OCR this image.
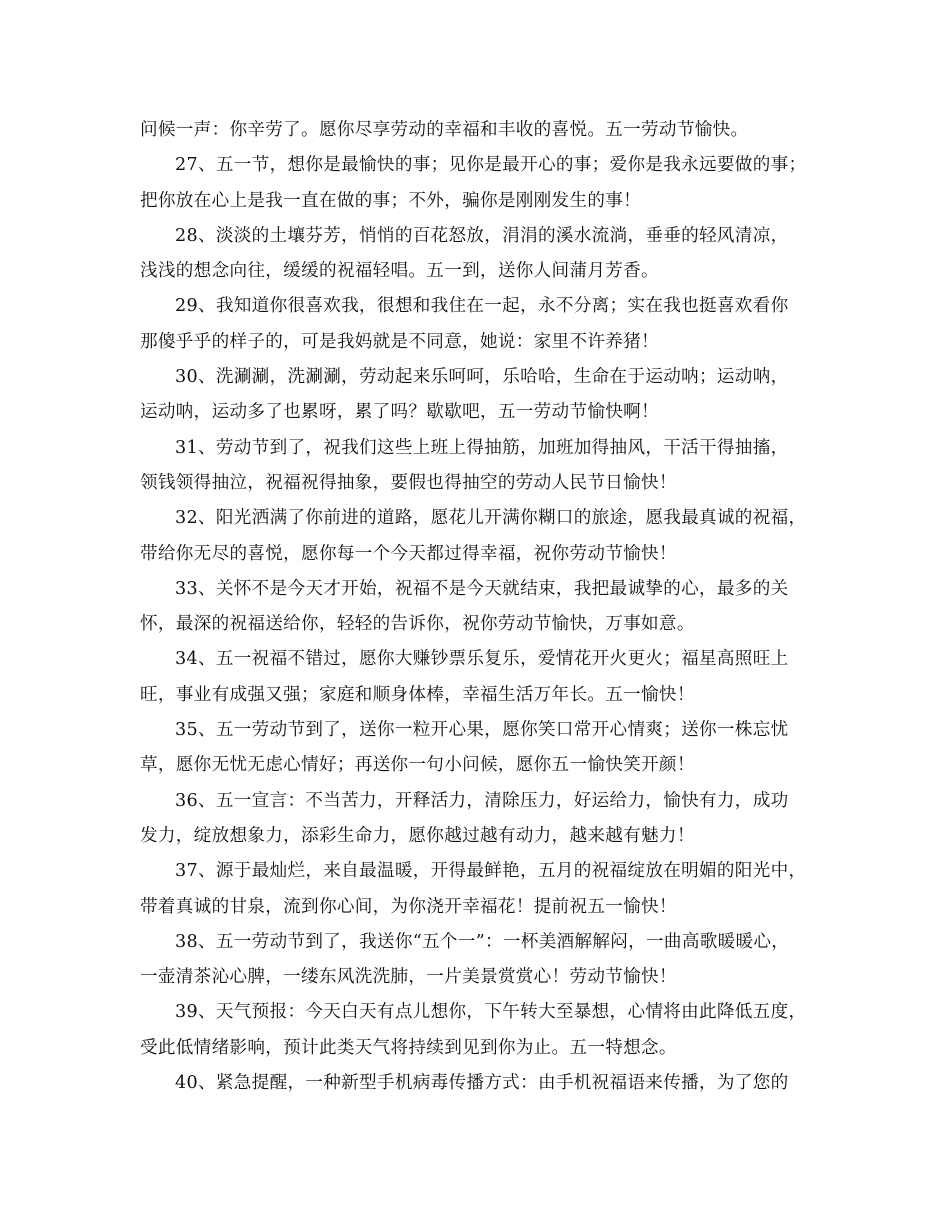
问候一声：你辛劳了。愿你尽享劳动的幸福和丰收的喜悦。五一劳动节愉快。
27、五一节，想你是最愉快的事；见你是最开心的事；爱你是我永远要做的事；
把你放在心上是我一直在做的事；不外，骗你是刚刚发生的事！
28、淡淡的土壤芬芳，悄悄的百花怒放，涓涓的溪水流淌，垂垂的轻风清凉，
浅浅的想念向往，缓缓的祝福轻唱。五一到，送你人间蒲月芳香。
29、我知道你很喜欢我，很想和我住在一起，永不分离；实在我也挺喜欢看你
那傻乎乎的样子的，可是我妈就是不同意，她说：家里不许养猪！
30、洗涮涮，洗涮涮，劳动起来乐呵呵，乐哈哈，生命在于运动呐；运动呐，
运动呐，运动多了也累呀，累了吗？歇歇吧，五一劳动节愉快啊！
31、劳动节到了，祝我们这些上班上得抽筋，加班加得抽风，干活干得抽搐，
领钱领得抽泣，祝福祝得抽象，要假也得抽空的劳动人民节日愉快！
32、阳光洒满了你前进的道路，愿花儿开满你糊口的旅途，愿我最真诚的祝福，
带给你无尽的喜悦，愿你每一个今天都过得幸福，祝你劳动节愉快！
33、关怀不是今天才开始，祝福不是今天就结束，我把最诚挚的心，最多的关
怀，最深的祝福送给你，轻轻的告诉你，祝你劳动节愉快，万事如意。
34、五一祝福不错过，愿你大赚钞票乐复乐，爱情花开火更火；福星高照旺上
旺，事业有成强又强；家庭和顺身体棒，幸福生活万年长。五一愉快！
35、五一劳动节到了，送你一粒开心果，愿你笑口常开心情爽；送你一株忘忧
草，愿你无忧无虑心情好；再送你一句小问候，愿你五一愉快笑开颜！
36、五一宣言：不当苦力，开释活力，清除压力，好运给力，愉快有力，成功
发力，绽放想象力，添彩生命力，愿你越过越有动力，越来越有魅力！
37、源于最灿烂，来自最温暖，开得最鲜艳，五月的祝福绽放在明媚的阳光中，
带着真诚的甘泉，流到你心间，为你浇开幸福花！提前祝五一愉快！
38、五一劳动节到了，我送你“五个一”：一杯美酒解解闷，一曲高歌暖暖心，
一壶清茶沁心脾，一缕东风洗洗肺，一片美景赏赏心！劳动节愉快！
39、天气预报：今天白天有点儿想你，下午转大至暴想，心情将由此降低五度，
受此低情绪影响，预计此类天气将持续到见到你为止。五一特想念。
40、紧急提醒，一种新型手机病毒传播方式：由手机祝福语来传播，为了您的
